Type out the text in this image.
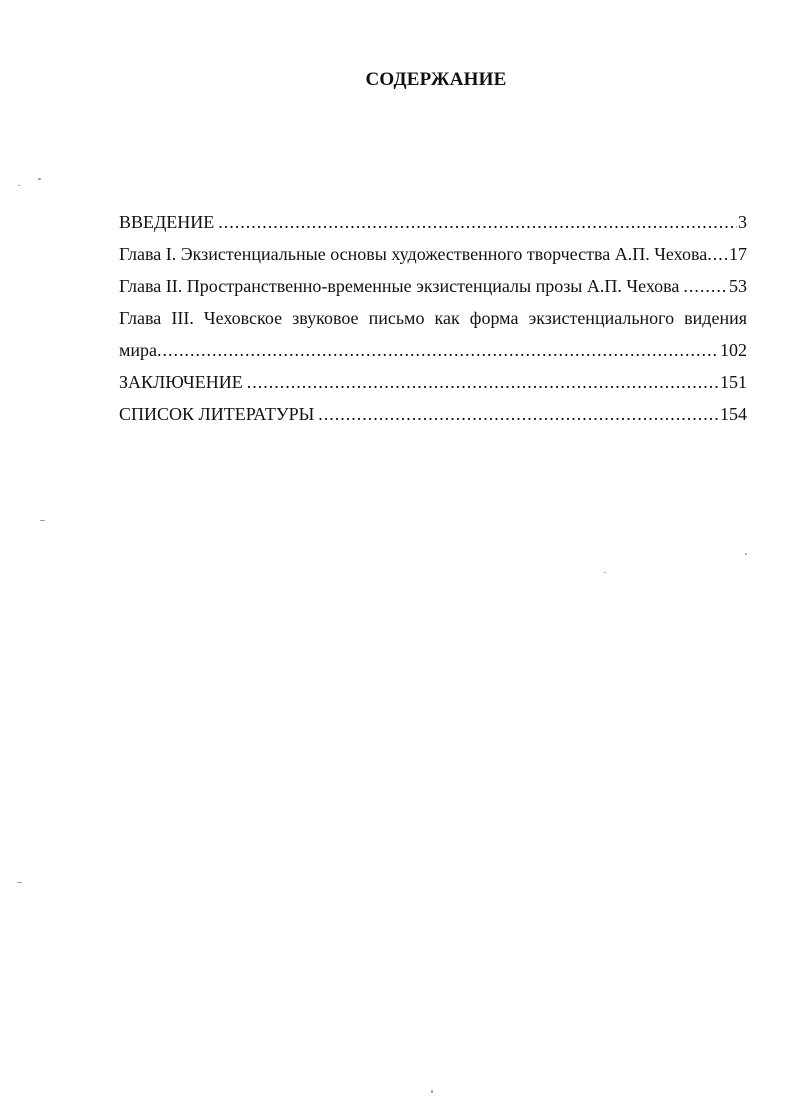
СОДЕРЖАНИЕ
ВВЕДЕНИЕ .....	3
Глава I. Экзистенциальные основы художественного творчества А.П. Чехова ..... 17
Глава II. Пространственно-временные экзистенциалы прозы А.П. Чехова .....	53
Глава III. Чеховское звуковое письмо как форма экзистенциального видения
мира .....	102
ЗАКЛЮЧЕНИЕ .....	151
СПИСОК ЛИТЕРАТУРЫ .....	154
